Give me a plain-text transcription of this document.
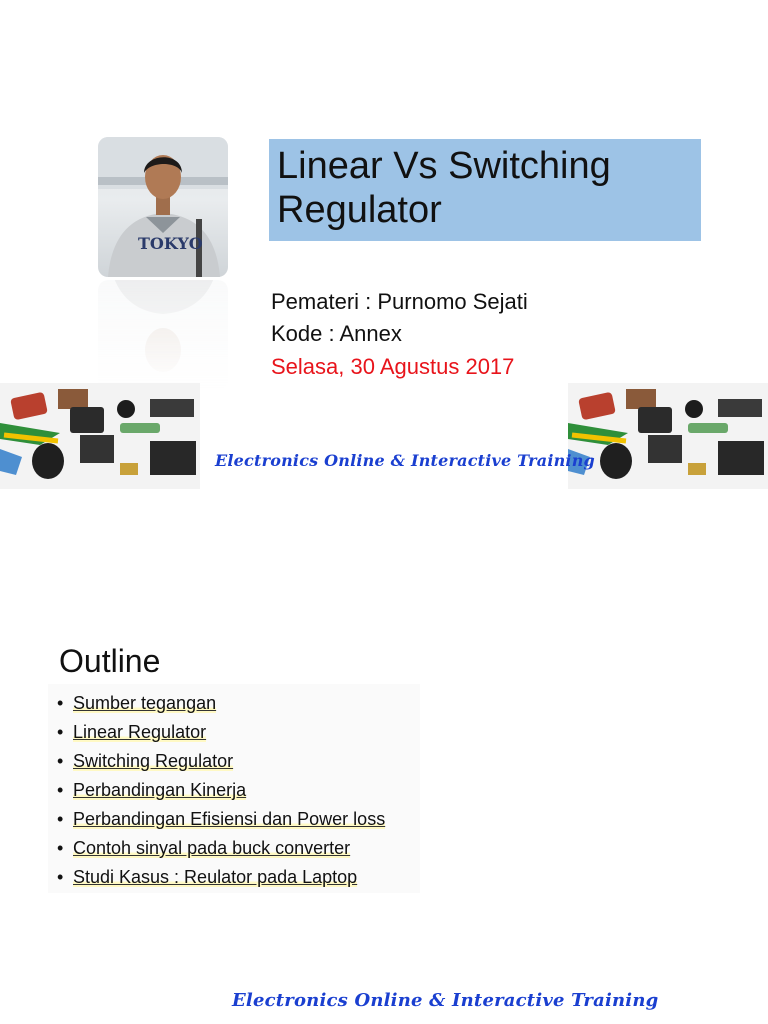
TOKYO
Linear Vs Switching Regulator
Pemateri : Purnomo Sejati
Kode : Annex
Selasa, 30 Agustus 2017
Electronics Online & Interactive Training
Outline
• Sumber tegangan
• Linear Regulator
• Switching Regulator
• Perbandingan Kinerja
• Perbandingan Efisiensi dan Power loss
• Contoh sinyal pada buck converter
• Studi Kasus : Reulator pada Laptop
Electronics Online & Interactive Training
